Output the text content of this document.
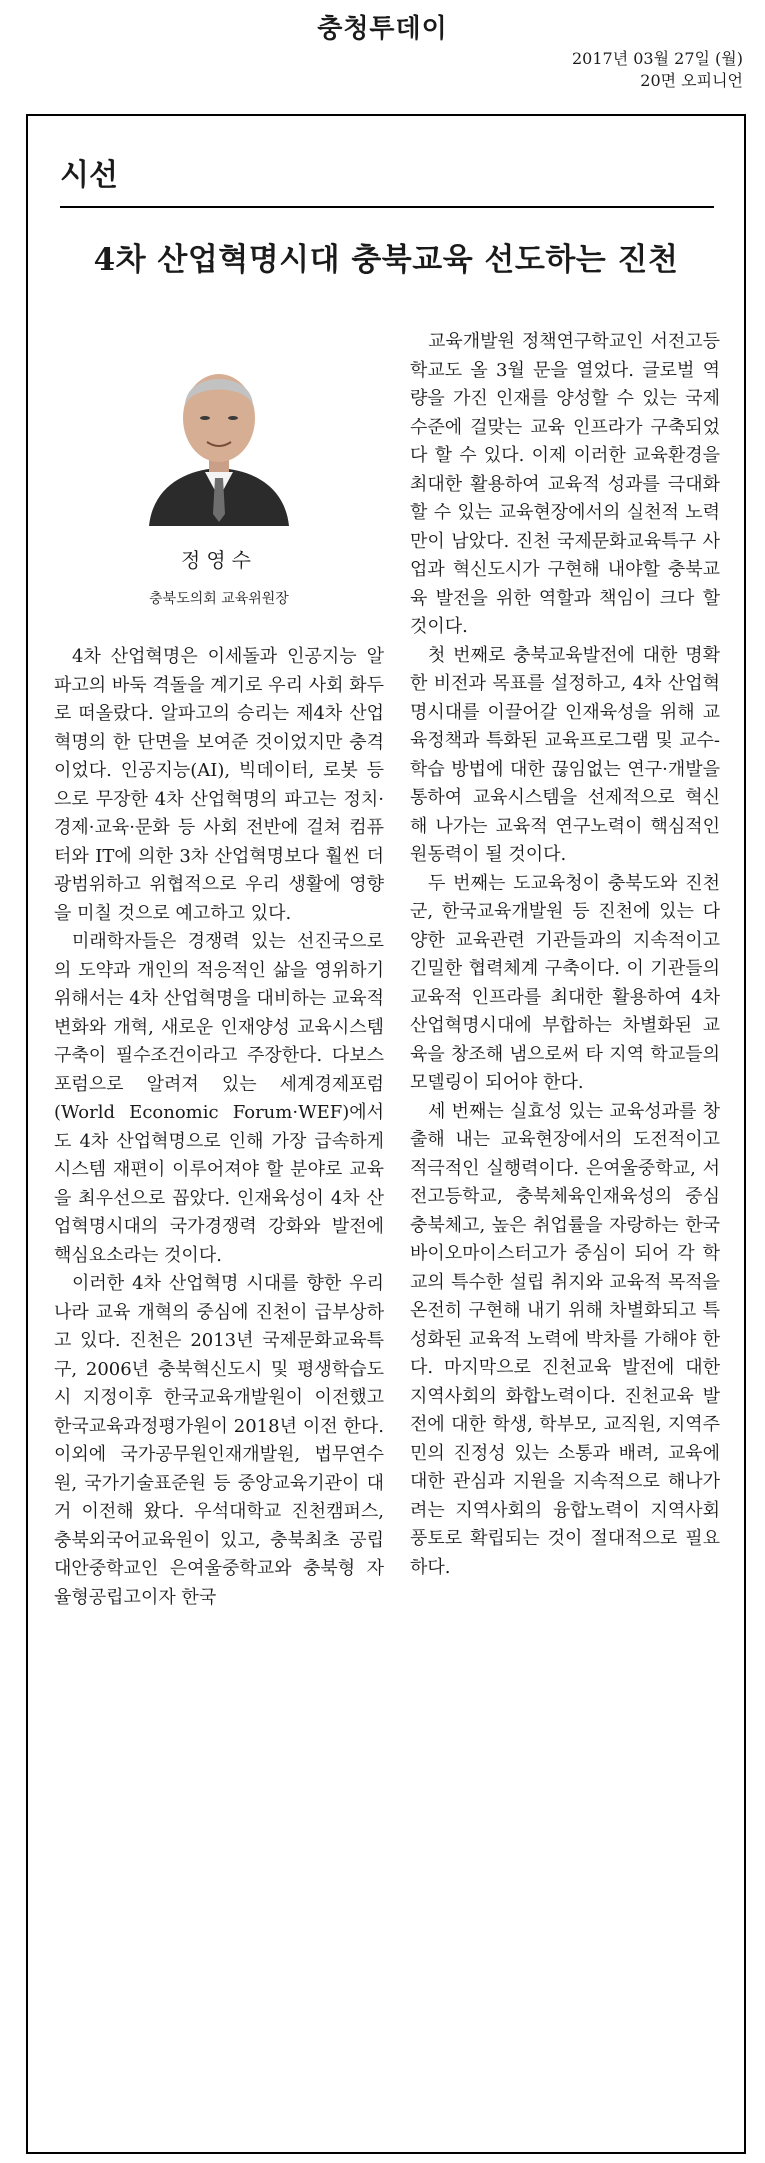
충청투데이
2017년 03월 27일 (월)
20면 오피니언
시선
4차 산업혁명시대 충북교육 선도하는 진천
정영수
충북도의회 교육위원장

4차 산업혁명은 이세돌과 인공지능 알파고의 바둑 격돌을 계기로 우리 사회 화두로 떠올랐다. 알파고의 승리는 제4차 산업혁명의 한 단면을 보여준 것이었지만 충격이었다. 인공지능(AI), 빅데이터, 로봇 등으로 무장한 4차 산업혁명의 파고는 정치·경제·교육·문화 등 사회 전반에 걸쳐 컴퓨터와 IT에 의한 3차 산업혁명보다 훨씬 더 광범위하고 위협적으로 우리 생활에 영향을 미칠 것으로 예고하고 있다.

미래학자들은 경쟁력 있는 선진국으로의 도약과 개인의 적응적인 삶을 영위하기 위해서는 4차 산업혁명을 대비하는 교육적 변화와 개혁, 새로운 인재양성 교육시스템 구축이 필수조건이라고 주장한다. 다보스포럼으로 알려져 있는 세계경제포럼(World Economic Forum·WEF)에서도 4차 산업혁명으로 인해 가장 급속하게 시스템 재편이 이루어져야 할 분야로 교육을 최우선으로 꼽았다. 인재육성이 4차 산업혁명시대의 국가경쟁력 강화와 발전에 핵심요소라는 것이다.

이러한 4차 산업혁명 시대를 향한 우리나라 교육 개혁의 중심에 진천이 급부상하고 있다. 진천은 2013년 국제문화교육특구, 2006년 충북혁신도시 및 평생학습도시 지정이후 한국교육개발원이 이전했고 한국교육과정평가원이 2018년 이전 한다. 이외에 국가공무원인재개발원, 법무연수원, 국가기술표준원 등 중앙교육기관이 대거 이전해 왔다. 우석대학교 진천캠퍼스, 충북외국어교육원이 있고, 충북최초 공립대안중학교인 은여울중학교와 충북형 자율형공립고이자 한국

교육개발원 정책연구학교인 서전고등학교도 올 3월 문을 열었다. 글로벌 역량을 가진 인재를 양성할 수 있는 국제 수준에 걸맞는 교육 인프라가 구축되었다 할 수 있다. 이제 이러한 교육환경을 최대한 활용하여 교육적 성과를 극대화 할 수 있는 교육현장에서의 실천적 노력만이 남았다. 진천 국제문화교육특구 사업과 혁신도시가 구현해 내야할 충북교육 발전을 위한 역할과 책임이 크다 할 것이다.

첫 번째로 충북교육발전에 대한 명확한 비전과 목표를 설정하고, 4차 산업혁명시대를 이끌어갈 인재육성을 위해 교육정책과 특화된 교육프로그램 및 교수-학습 방법에 대한 끊임없는 연구·개발을 통하여 교육시스템을 선제적으로 혁신해 나가는 교육적 연구노력이 핵심적인 원동력이 될 것이다.

두 번째는 도교육청이 충북도와 진천군, 한국교육개발원 등 진천에 있는 다양한 교육관련 기관들과의 지속적이고 긴밀한 협력체계 구축이다. 이 기관들의 교육적 인프라를 최대한 활용하여 4차 산업혁명시대에 부합하는 차별화된 교육을 창조해 냄으로써 타 지역 학교들의 모델링이 되어야 한다.

세 번째는 실효성 있는 교육성과를 창출해 내는 교육현장에서의 도전적이고 적극적인 실행력이다. 은여울중학교, 서전고등학교, 충북체육인재육성의 중심 충북체고, 높은 취업률을 자랑하는 한국바이오마이스터고가 중심이 되어 각 학교의 특수한 설립 취지와 교육적 목적을 온전히 구현해 내기 위해 차별화되고 특성화된 교육적 노력에 박차를 가해야 한다. 마지막으로 진천교육 발전에 대한 지역사회의 화합노력이다. 진천교육 발전에 대한 학생, 학부모, 교직원, 지역주민의 진정성 있는 소통과 배려, 교육에 대한 관심과 지원을 지속적으로 해나가려는 지역사회의 융합노력이 지역사회 풍토로 확립되는 것이 절대적으로 필요하다.
